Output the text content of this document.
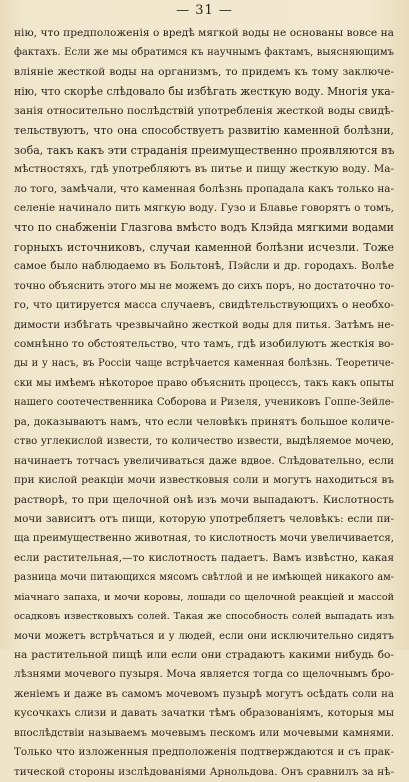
— 31 —
нію, что предположенія о вредѣ мягкой воды не основаны вовсе на
фактахъ. Если же мы обратимся къ научнымъ фактамъ, выясняющимъ
вліяніе жесткой воды на организмъ, то придемъ къ тому заключе-
нію, что скорѣе слѣдовало бы избѣгать жесткую воду. Многія ука-
занія относительно послѣдствій употребленія жесткой воды свидѣ-
тельствуютъ, что она способствуетъ развитію каменной болѣзни,
зоба, такъ какъ эти страданія преимущественно проявляются въ
мѣстностяхъ, гдѣ употребляютъ въ питье и пищу жесткую воду. Ма-
ло того, замѣчали, что каменная болѣзнь пропадала какъ только на-
селеніе начинало пить мягкую воду. Гузо и Блавье говорятъ о томъ,
что по снабженіи Глазгова вмѣсто водъ Клэйда мягкими водами
горныхъ источниковъ, случаи каменной болѣзни исчезли. Тоже
самое было наблюдаемо въ Больтонѣ, Пэйсли и др. городахъ. Волѣе
точно объяснить этого мы не можемъ до сихъ поръ, но достаточно то-
го, что цитируется масса случаевъ, свидѣтельствующихъ о необхо-
димости избѣгать чрезвычайно жесткой воды для питья. Затѣмъ не-
сомнѣнно то обстоятельство, что тамъ, гдѣ изобилуютъ жесткія во-
ды и у насъ, въ Россіи чаще встрѣчается каменная болѣзнь. Теоретиче-
ски мы имѣемъ нѣкоторое право объяснить процессъ, такъ какъ опыты
нашего соотечественника Соборова и Ризеля, учениковъ Гоппе-Зейле-
ра, доказываютъ намъ, что если человѣкъ принятъ большое количе-
ство углекислой извести, то количество извести, выдѣляемое мочею,
начинаетъ тотчасъ увеличиваться даже вдвое. Слѣдовательно, если
при кислой реакціи мочи известковыя соли и могутъ находиться въ
растворѣ, то при щелочной онѣ изъ мочи выпадаютъ. Кислотность
мочи зависитъ отъ пищи, которую употребляетъ человѣкъ: если пи-
ща преимущественно животная, то кислотность мочи увеличивается,
если растительная,—то кислотность падаетъ. Вамъ извѣстно, какая
разница мочи питающихся мясомъ свѣтлой и не имѣющей никакого ам-
міачнаго запаха, и мочи коровы, лошади со щелочной реакціей и массой
осадковъ известковыхъ солей. Такая же способность солей выпадать изъ
мочи можетъ встрѣчаться и у людей, если они исключительно сидятъ
на растительной пищѣ или если они страдаютъ какими нибудь бо-
лѣзнями мочевого пузыря. Моча является тогда со щелочнымъ бро-
женіемъ и даже въ самомъ мочевомъ пузырѣ могутъ осѣдать соли на
кусочкахъ слизи и давать зачатки тѣмъ образованіямъ, которыя мы
впослѣдствіи называемъ мочевымъ пескомъ или мочевыми камнями.
Только что изложенныя предположенія подтверждаются и съ прак-
тической стороны изслѣдованіями Арнольдова. Онъ сравнилъ за нѣ-
